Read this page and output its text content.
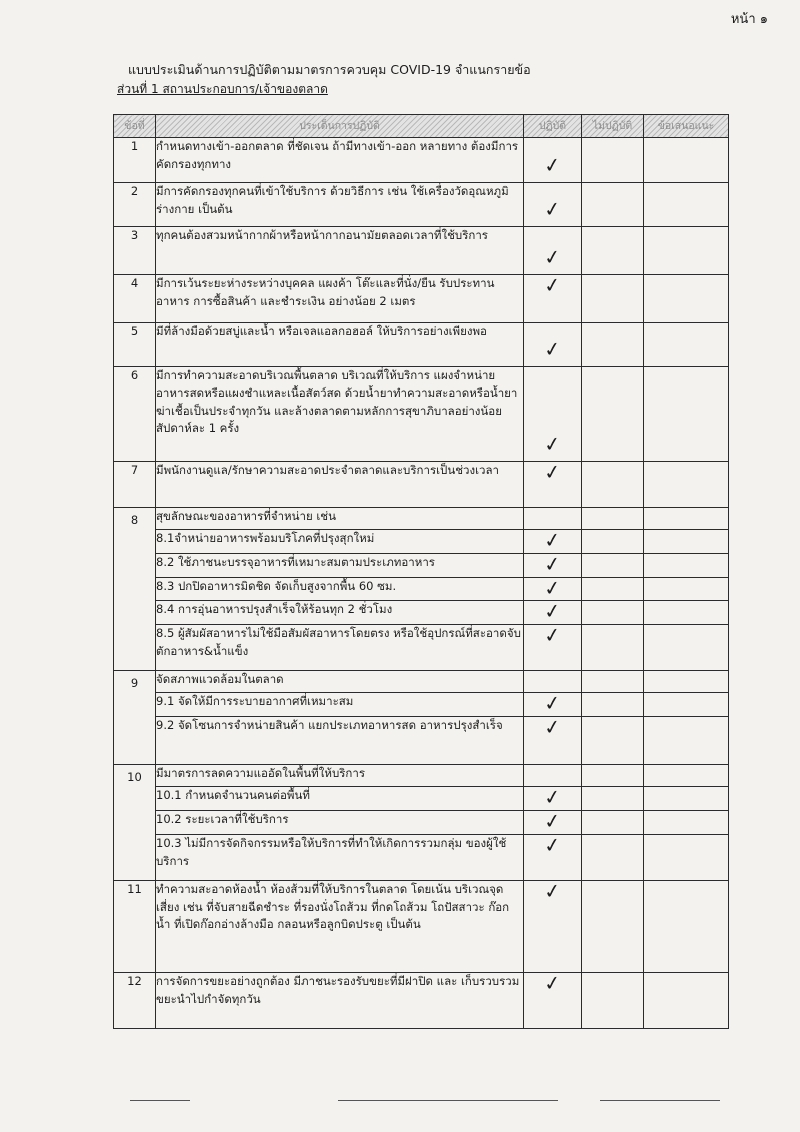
หน้า ๑
แบบประเมินด้านการปฏิบัติตามมาตรการควบคุม COVID-19 จำแนกรายข้อ
ส่วนที่ 1 สถานประกอบการ/เจ้าของตลาด
ข้อที่	ประเด็นการปฏิบัติ	ปฏิบัติ	ไม่ปฏิบัติ	ข้อเสนอแนะ
1	กำหนดทางเข้า-ออกตลาด ที่ชัดเจน ถ้ามีทางเข้า-ออก หลายทาง ต้องมีการคัดกรองทุกทาง	✓		
2	มีการคัดกรองทุกคนที่เข้าใช้บริการ ด้วยวิธีการ เช่น ใช้เครื่องวัดอุณหภูมิร่างกาย เป็นต้น	✓		
3	ทุกคนต้องสวมหน้ากากผ้าหรือหน้ากากอนามัยตลอดเวลาที่ใช้บริการ	✓		
4	มีการเว้นระยะห่างระหว่างบุคคล แผงค้า โต๊ะและที่นั่ง/ยืน รับประทานอาหาร การซื้อสินค้า และชำระเงิน อย่างน้อย 2 เมตร	✓		
5	มีที่ล้างมือด้วยสบู่และน้ำ หรือเจลแอลกอฮอล์ ให้บริการอย่างเพียงพอ	✓		
6	มีการทำความสะอาดบริเวณพื้นตลาด บริเวณที่ให้บริการ แผงจำหน่ายอาหารสดหรือแผงชำแหละเนื้อสัตว์สด ด้วยน้ำยาทำความสะอาดหรือน้ำยาฆ่าเชื้อเป็นประจำทุกวัน และล้างตลาดตามหลักการสุขาภิบาลอย่างน้อยสัปดาห์ละ 1 ครั้ง	✓		
7	มีพนักงานดูแล/รักษาความสะอาดประจำตลาดและบริการเป็นช่วงเวลา	✓		
8	สุขลักษณะของอาหารที่จำหน่าย เช่น			
	8.1จำหน่ายอาหารพร้อมบริโภคที่ปรุงสุกใหม่	✓		
	8.2 ใช้ภาชนะบรรจุอาหารที่เหมาะสมตามประเภทอาหาร	✓		
	8.3 ปกปิดอาหารมิดชิด จัดเก็บสูงจากพื้น 60 ซม.	✓		
	8.4 การอุ่นอาหารปรุงสำเร็จให้ร้อนทุก 2 ชั่วโมง	✓		
	8.5 ผู้สัมผัสอาหารไม่ใช้มือสัมผัสอาหารโดยตรง หรือใช้อุปกรณ์ที่สะอาดจับ ตักอาหาร&น้ำแข็ง	✓		
9	จัดสภาพแวดล้อมในตลาด			
	9.1 จัดให้มีการระบายอากาศที่เหมาะสม	✓		
	9.2 จัดโซนการจำหน่ายสินค้า แยกประเภทอาหารสด อาหารปรุงสำเร็จ	✓		
10	มีมาตรการลดความแออัดในพื้นที่ให้บริการ			
	10.1 กำหนดจำนวนคนต่อพื้นที่	✓		
	10.2 ระยะเวลาที่ใช้บริการ	✓		
	10.3 ไม่มีการจัดกิจกรรมหรือให้บริการที่ทำให้เกิดการรวมกลุ่ม ของผู้ใช้บริการ	✓		
11	ทำความสะอาดห้องน้ำ ห้องส้วมที่ให้บริการในตลาด โดยเน้น บริเวณจุดเสี่ยง เช่น ที่จับสายฉีดชำระ ที่รองนั่งโถส้วม ที่กดโถส้วม โถปัสสาวะ ก๊อกน้ำ ที่เปิดก๊อกอ่างล้างมือ กลอนหรือลูกบิดประตู เป็นต้น	✓		
12	การจัดการขยะอย่างถูกต้อง มีภาชนะรองรับขยะที่มีฝาปิด และ เก็บรวบรวมขยะนำไปกำจัดทุกวัน	✓		
